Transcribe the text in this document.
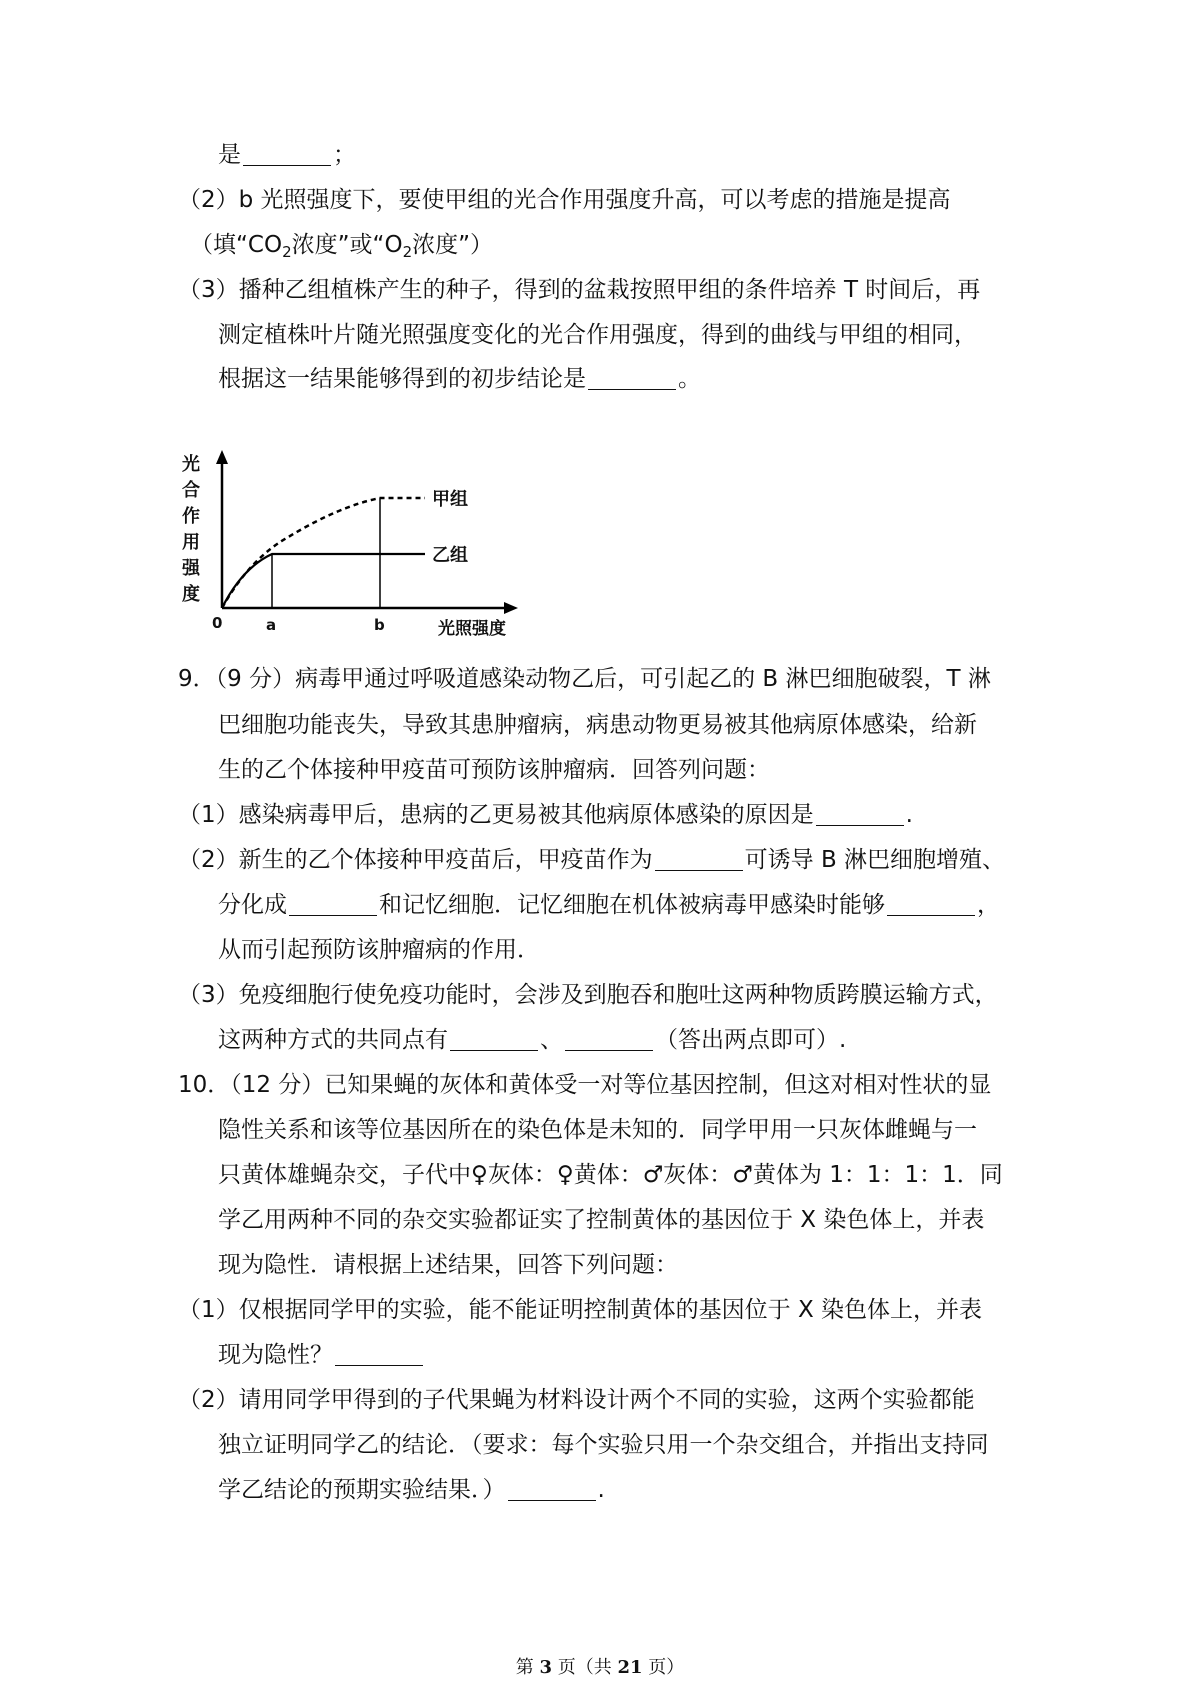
是	；
（2）b 光照强度下，要使甲组的光合作用强度升高，可以考虑的措施是提高
（填“$CO_2$浓度”或“$O_2$浓度”）
（3）播种乙组植株产生的种子，得到的盆栽按照甲组的条件培养 T 时间后，再
测定植株叶片随光照强度变化的光合作用强度，得到的曲线与甲组的相同，
根据这一结果能够得到的初步结论是	。
光
合
作
用
强
度
甲组
乙组
0	a	b	光照强度
9．（9 分）病毒甲通过呼吸道感染动物乙后，可引起乙的 B 淋巴细胞破裂，T 淋
巴细胞功能丧失，导致其患肿瘤病，病患动物更易被其他病原体感染，给新
生的乙个体接种甲疫苗可预防该肿瘤病．回答列问题：
（1）感染病毒甲后，患病的乙更易被其他病原体感染的原因是	.
（2）新生的乙个体接种甲疫苗后，甲疫苗作为	可诱导 B 淋巴细胞增殖、
分化成	和记忆细胞．记忆细胞在机体被病毒甲感染时能够	，
从而引起预防该肿瘤病的作用．
（3）免疫细胞行使免疫功能时，会涉及到胞吞和胞吐这两种物质跨膜运输方式，
这两种方式的共同点有	、	（答出两点即可）.
10．（12 分）已知果蝇的灰体和黄体受一对等位基因控制，但这对相对性状的显
隐性关系和该等位基因所在的染色体是未知的．同学甲用一只灰体雌蝇与一
只黄体雄蝇杂交，子代中♀灰体：♀黄体：♂灰体：♂黄体为 1：1：1：1．同
学乙用两种不同的杂交实验都证实了控制黄体的基因位于 X 染色体上，并表
现为隐性．请根据上述结果，回答下列问题：
（1）仅根据同学甲的实验，能不能证明控制黄体的基因位于 X 染色体上，并表
现为隐性？
（2）请用同学甲得到的子代果蝇为材料设计两个不同的实验，这两个实验都能
独立证明同学乙的结论．（要求：每个实验只用一个杂交组合，并指出支持同
学乙结论的预期实验结果．）	.
第 3 页（共 21 页）
